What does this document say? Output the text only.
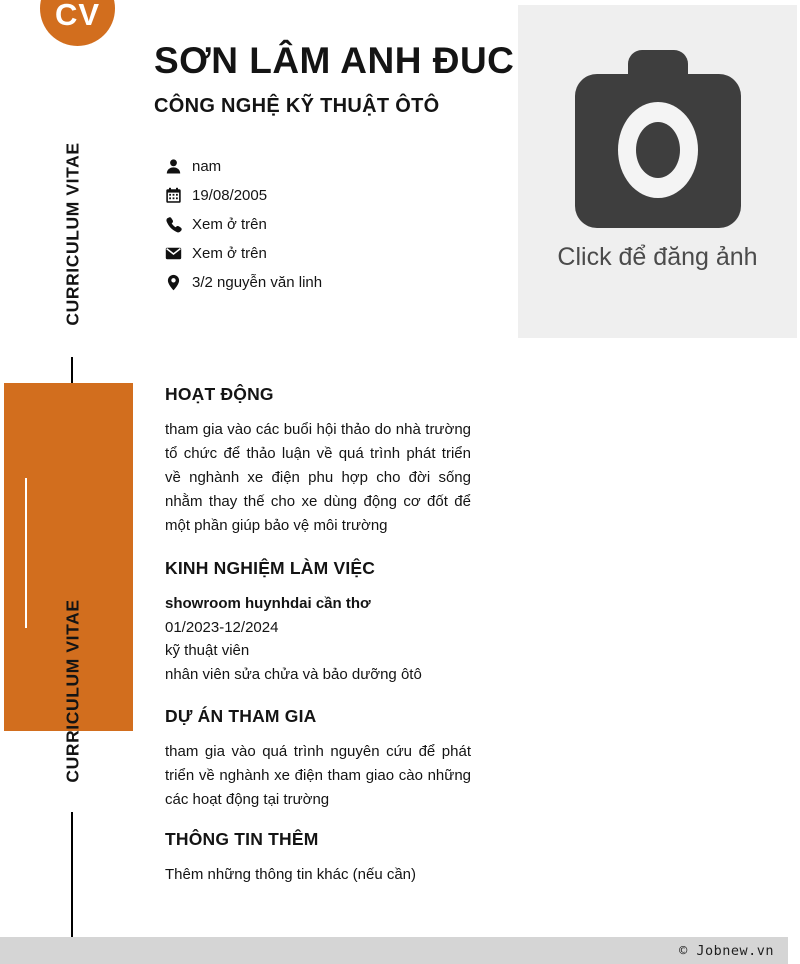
CV
CURRICULUM VITAE
CURRICULUM VITAE
SƠN LÂM ANH ĐUC
CÔNG NGHỆ KỸ THUẬT ÔTÔ
nam
19/08/2005
Xem ở trên
Xem ở trên
3/2 nguyễn văn linh
Click để đăng ảnh
HOẠT ĐỘNG

tham gia vào các buổi hội thảo do nhà trường tổ chức để thảo luận về quá trình phát triển về nghành xe điện phu hợp cho đời sống nhằm thay thế cho xe dùng động cơ đốt để một phần giúp bảo vệ môi trường

KINH NGHIỆM LÀM VIỆC

showroom huynhdai cần thơ

01/2023-12/2024

kỹ thuật viên

nhân viên sửa chửa và bảo dưỡng ôtô

DỰ ÁN THAM GIA

tham gia vào quá trình nguyên cứu để phát triển về nghành xe điện tham giao cào những các hoạt động tại trường

THÔNG TIN THÊM

Thêm những thông tin khác (nếu cần)

© Jobnew.vn
